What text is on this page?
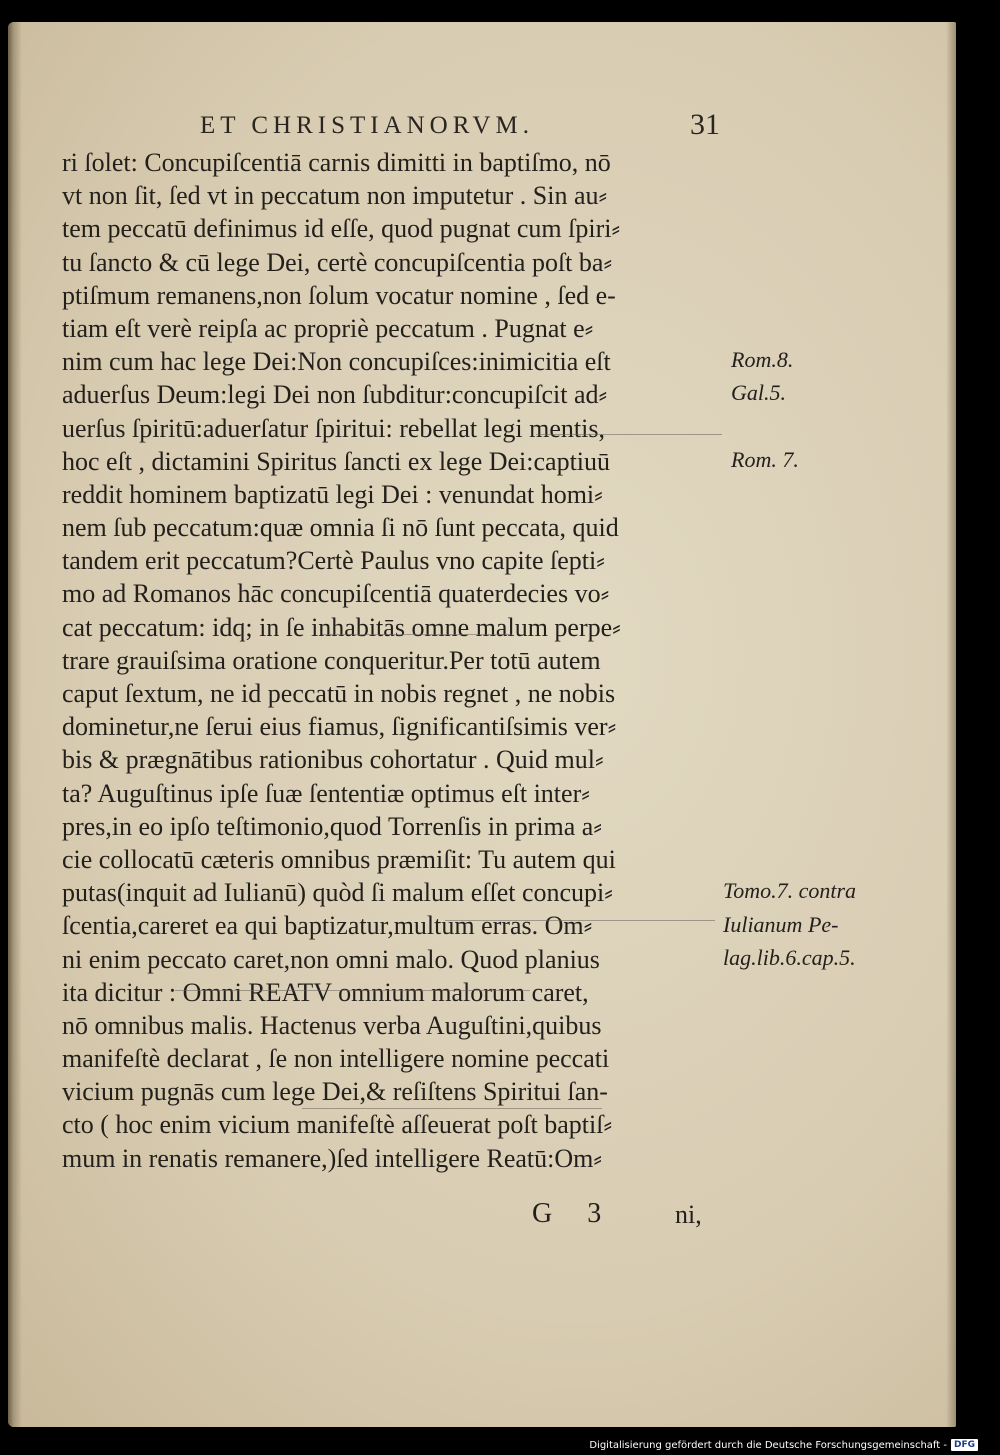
ET CHRISTIANORVM.	31
ri ſolet: Concupiſcentiā carnis dimitti in baptiſmo, nō
vt non ſit, ſed vt in peccatum non imputetur . Sin au⸗
tem peccatū definimus id eſſe, quod pugnat cum ſpiri⸗
tu ſancto & cū lege Dei, certè concupiſcentia poſt ba⸗
ptiſmum remanens,non ſolum vocatur nomine , ſed e-
tiam eſt verè reipſa ac propriè peccatum . Pugnat e⸗
nim cum hac lege Dei:Non concupiſces:inimicitia eſt
aduerſus Deum:legi Dei non ſubditur:concupiſcit ad⸗
uerſus ſpiritū:aduerſatur ſpiritui: rebellat legi mentis,
hoc eſt , dictamini Spiritus ſancti ex lege Dei:captiuū
reddit hominem baptizatū legi Dei : venundat homi⸗
nem ſub peccatum:quæ omnia ſi nō ſunt peccata, quid
tandem erit peccatum?Certè Paulus vno capite ſepti⸗
mo ad Romanos hāc concupiſcentiā quaterdecies vo⸗
cat peccatum: idq; in ſe inhabitās omne malum perpe⸗
trare grauiſsima oratione conqueritur.Per totū autem
caput ſextum, ne id peccatū in nobis regnet , ne nobis
dominetur,ne ſerui eius fiamus, ſignificantiſsimis ver⸗
bis & prægnātibus rationibus cohortatur . Quid mul⸗
ta? Auguſtinus ipſe ſuæ ſententiæ optimus eſt inter⸗
pres,in eo ipſo teſtimonio,quod Torrenſis in prima a⸗
cie collocatū cæteris omnibus præmiſit: Tu autem qui
putas(inquit ad Iulianū) quòd ſi malum eſſet concupi⸗
ſcentia,careret ea qui baptizatur,multum erras. Om⸗
ni enim peccato caret,non omni malo. Quod planius
ita dicitur : Omni REATV omnium malorum caret,
nō omnibus malis. Hactenus verba Auguſtini,quibus
manifeſtè declarat , ſe non intelligere nomine peccati
vicium pugnās cum lege Dei,& reſiſtens Spiritui ſan-
cto ( hoc enim vicium manifeſtè aſſeuerat poſt baptiſ⸗
mum in renatis remanere,)ſed intelligere Reatū:Om⸗
Rom.8.
Gal.5.
Rom. 7.
Tomo.7. contra
Iulianum Pe-
lag.lib.6.cap.5.
G 3 ni,
Digitalisierung gefördert durch die Deutsche Forschungsgemeinschaft - DFG
